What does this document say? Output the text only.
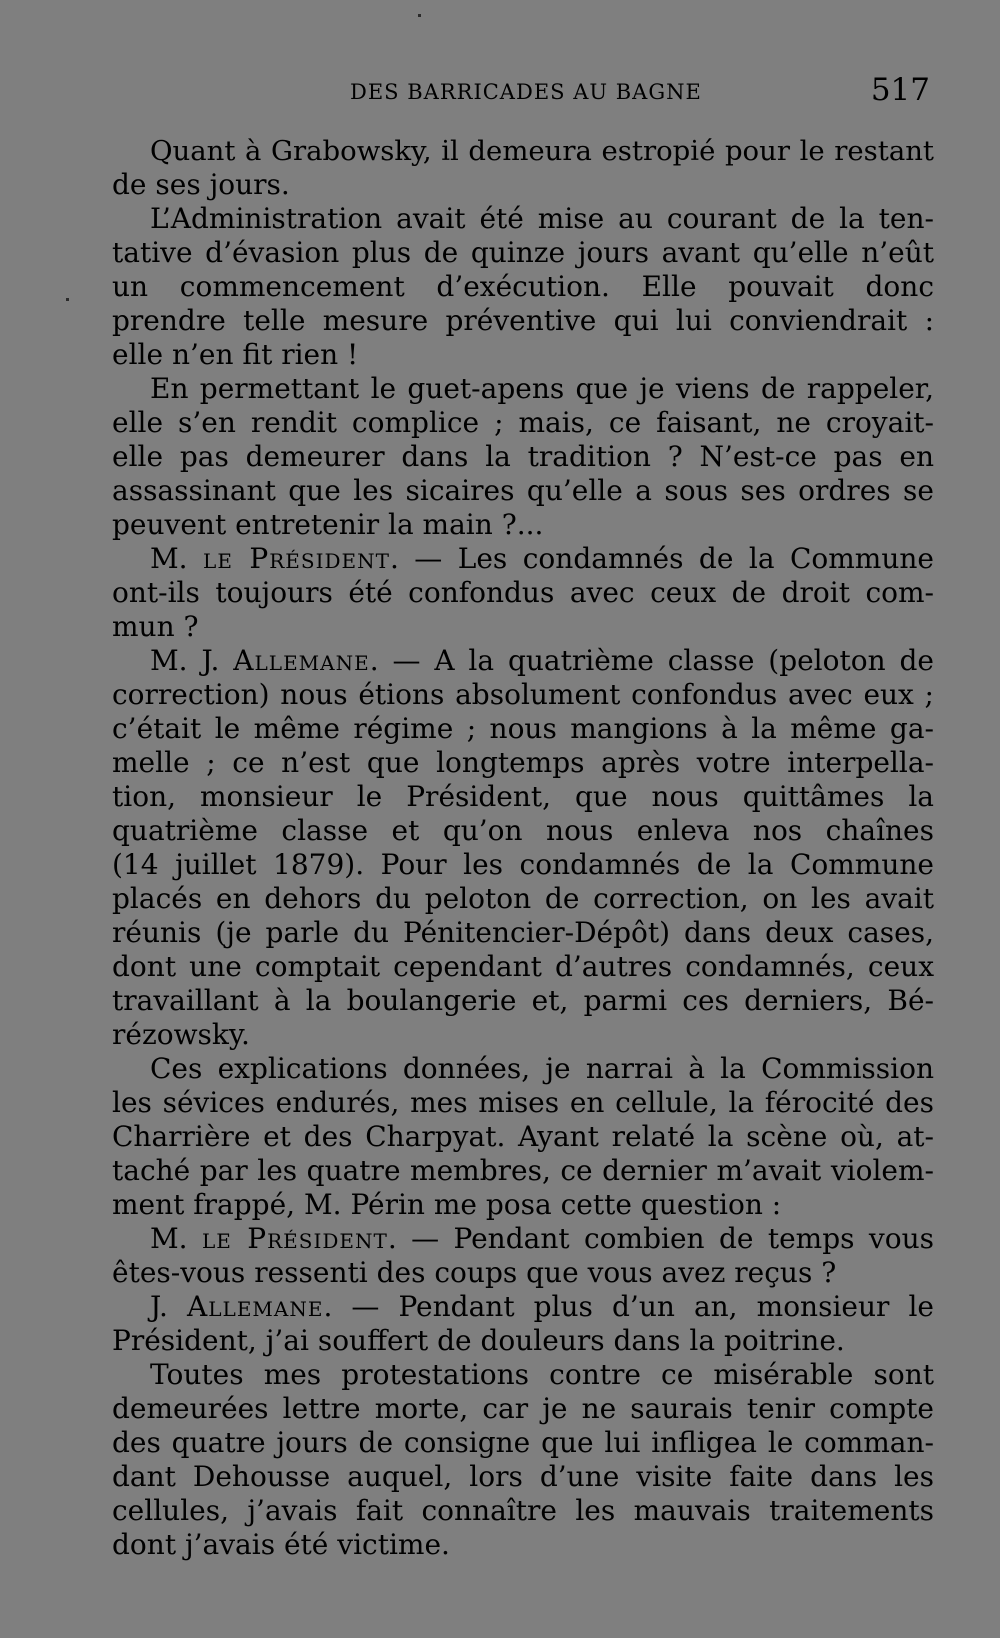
DES BARRICADES AU BAGNE	517
Quant à Grabowsky, il demeura estropié pour le restant
de ses jours.
L’Administration avait été mise au courant de la ten-
tative d’évasion plus de quinze jours avant qu’elle n’eût
un commencement d’exécution. Elle pouvait donc
prendre telle mesure préventive qui lui conviendrait :
elle n’en fit rien !
En permettant le guet-apens que je viens de rappeler,
elle s’en rendit complice ; mais, ce faisant, ne croyait-
elle pas demeurer dans la tradition ? N’est-ce pas en
assassinant que les sicaires qu’elle a sous ses ordres se
peuvent entretenir la main ?...
M. le Président. — Les condamnés de la Commune
ont-ils toujours été confondus avec ceux de droit com-
mun ?
M. J. Allemane. — A la quatrième classe (peloton de
correction) nous étions absolument confondus avec eux ;
c’était le même régime ; nous mangions à la même ga-
melle ; ce n’est que longtemps après votre interpella-
tion, monsieur le Président, que nous quittâmes la
quatrième classe et qu’on nous enleva nos chaînes
(14 juillet 1879). Pour les condamnés de la Commune
placés en dehors du peloton de correction, on les avait
réunis (je parle du Pénitencier-Dépôt) dans deux cases,
dont une comptait cependant d’autres condamnés, ceux
travaillant à la boulangerie et, parmi ces derniers, Bé-
rézowsky.
Ces explications données, je narrai à la Commission
les sévices endurés, mes mises en cellule, la férocité des
Charrière et des Charpyat. Ayant relaté la scène où, at-
taché par les quatre membres, ce dernier m’avait violem-
ment frappé, M. Périn me posa cette question :
M. le Président. — Pendant combien de temps vous
êtes-vous ressenti des coups que vous avez reçus ?
J. Allemane. — Pendant plus d’un an, monsieur le
Président, j’ai souffert de douleurs dans la poitrine.
Toutes mes protestations contre ce misérable sont
demeurées lettre morte, car je ne saurais tenir compte
des quatre jours de consigne que lui infligea le comman-
dant Dehousse auquel, lors d’une visite faite dans les
cellules, j’avais fait connaître les mauvais traitements
dont j’avais été victime.
